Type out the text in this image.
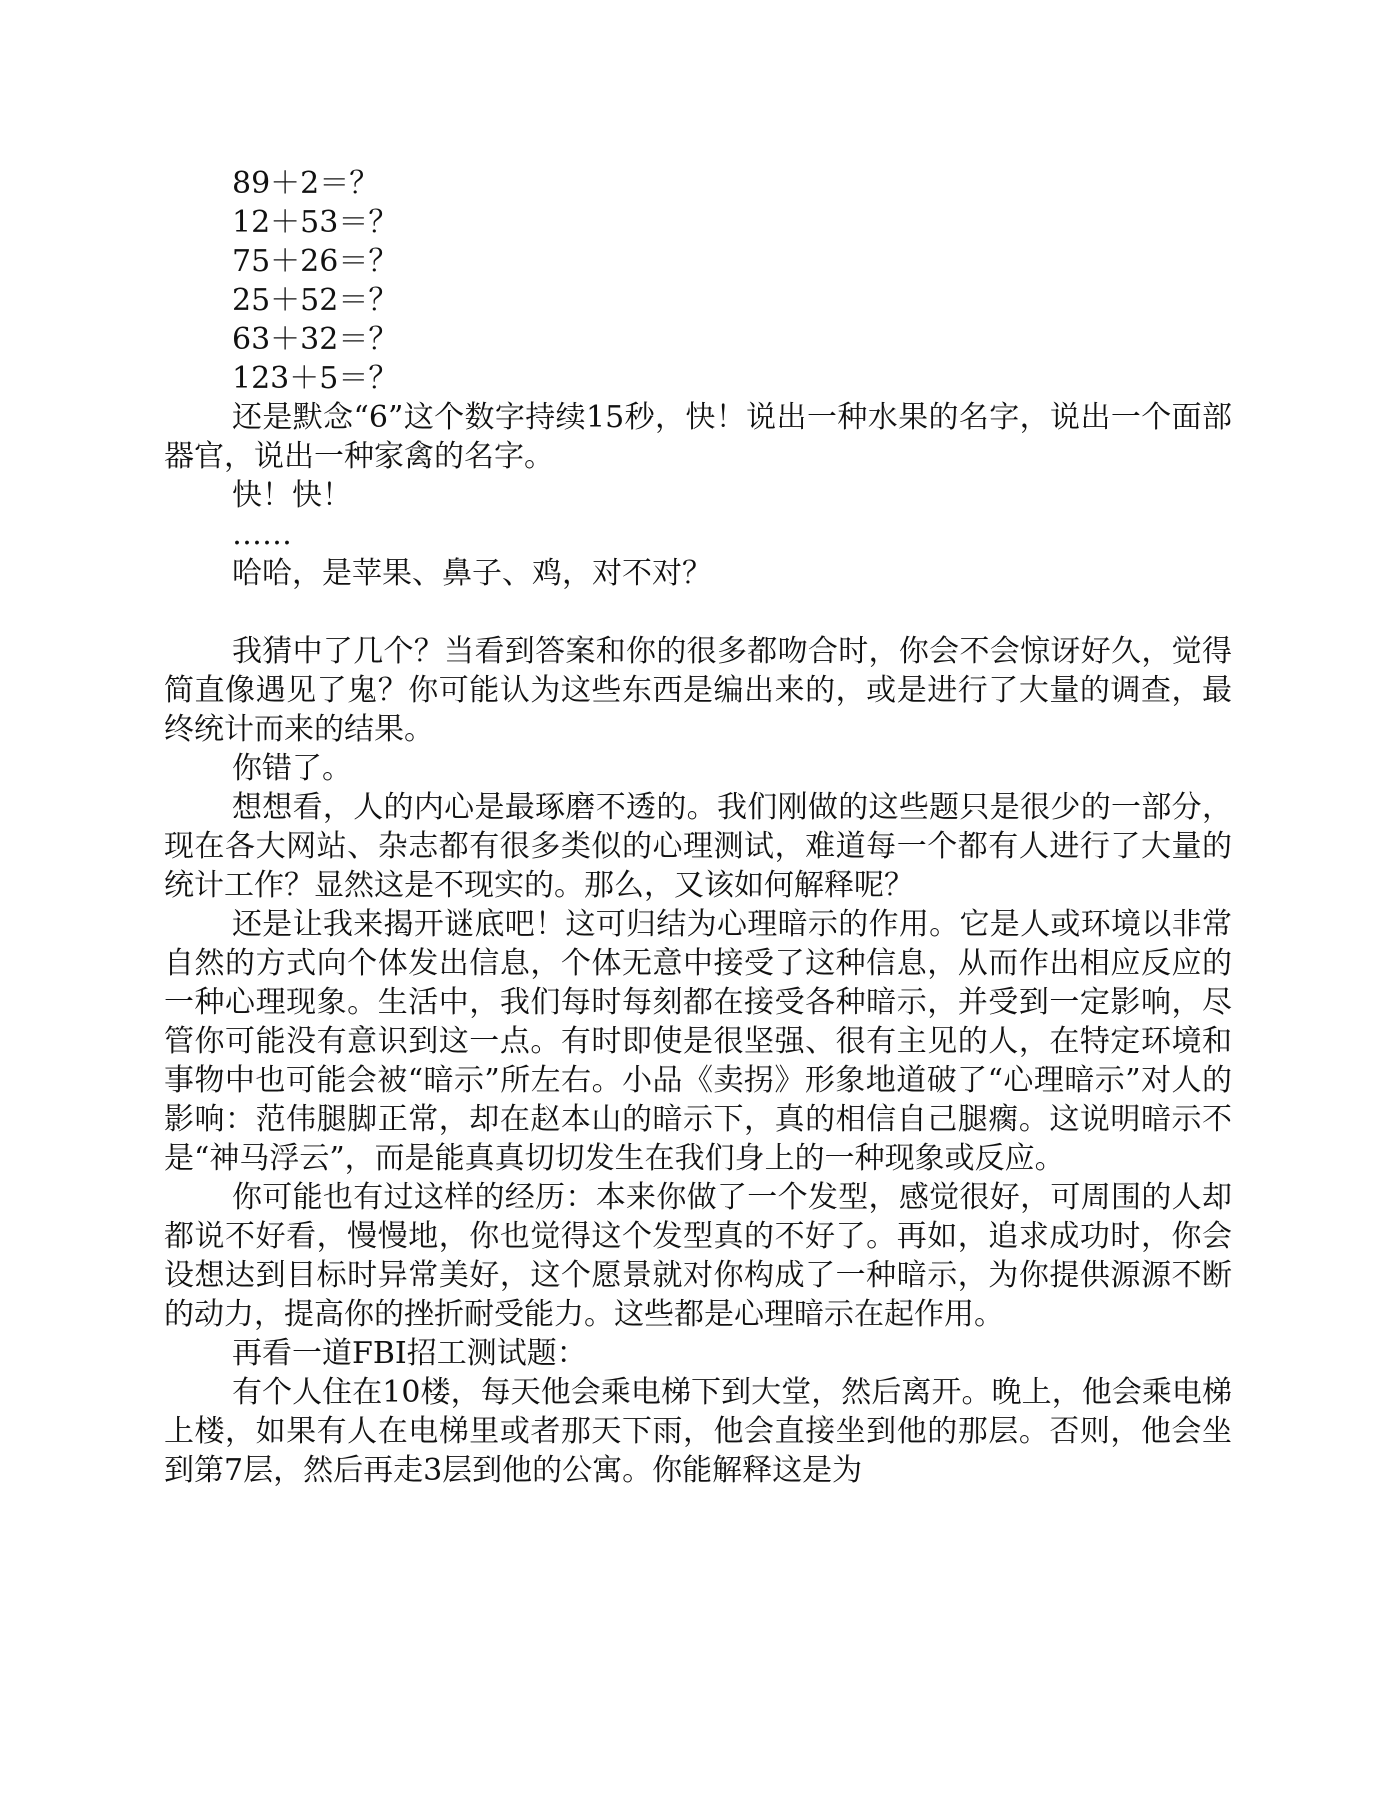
89＋2＝？

12＋53＝？

75＋26＝？

25＋52＝？

63＋32＝？

123＋5＝？

还是默念“6”这个数字持续15秒，快！说出一种水果的名字，说出一个面部器官，说出一种家禽的名字。

快！快！

……

哈哈，是苹果、鼻子、鸡，对不对？

我猜中了几个？当看到答案和你的很多都吻合时，你会不会惊讶好久，觉得简直像遇见了鬼？你可能认为这些东西是编出来的，或是进行了大量的调查，最终统计而来的结果。

你错了。

想想看，人的内心是最琢磨不透的。我们刚做的这些题只是很少的一部分，现在各大网站、杂志都有很多类似的心理测试，难道每一个都有人进行了大量的统计工作？显然这是不现实的。那么，又该如何解释呢？

还是让我来揭开谜底吧！这可归结为心理暗示的作用。它是人或环境以非常自然的方式向个体发出信息，个体无意中接受了这种信息，从而作出相应反应的一种心理现象。生活中，我们每时每刻都在接受各种暗示，并受到一定影响，尽管你可能没有意识到这一点。有时即使是很坚强、很有主见的人，在特定环境和事物中也可能会被“暗示”所左右。小品《卖拐》形象地道破了“心理暗示”对人的影响：范伟腿脚正常，却在赵本山的暗示下，真的相信自己腿瘸。这说明暗示不是“神马浮云”，而是能真真切切发生在我们身上的一种现象或反应。

你可能也有过这样的经历：本来你做了一个发型，感觉很好，可周围的人却都说不好看，慢慢地，你也觉得这个发型真的不好了。再如，追求成功时，你会设想达到目标时异常美好，这个愿景就对你构成了一种暗示，为你提供源源不断的动力，提高你的挫折耐受能力。这些都是心理暗示在起作用。

再看一道FBI招工测试题：

有个人住在10楼，每天他会乘电梯下到大堂，然后离开。晚上，他会乘电梯上楼，如果有人在电梯里或者那天下雨，他会直接坐到他的那层。否则，他会坐到第7层，然后再走3层到他的公寓。你能解释这是为
